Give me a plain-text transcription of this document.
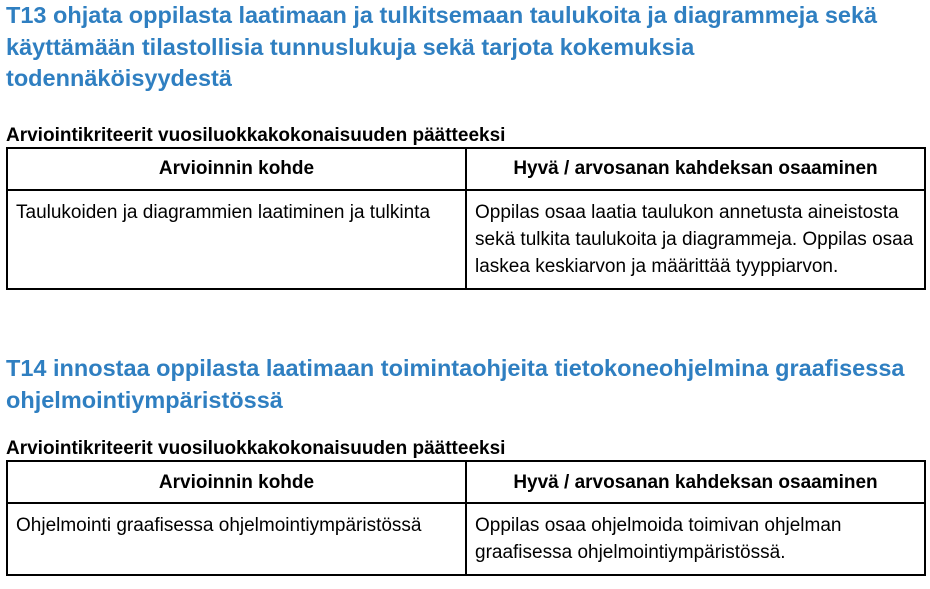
T13 ohjata oppilasta laatimaan ja tulkitsemaan taulukoita ja diagrammeja sekä käyttämään tilastollisia tunnuslukuja sekä tarjota kokemuksia todennäköisyydestä

Arviointikriteerit vuosiluokkakokonaisuuden päätteeksi

Arvioinnin kohde	Hyvä / arvosanan kahdeksan osaaminen
Taulukoiden ja diagrammien laatiminen ja tulkinta	Oppilas osaa laatia taulukon annetusta aineistosta sekä tulkita taulukoita ja diagrammeja. Oppilas osaa laskea keskiarvon ja määrittää tyyppiarvon.
T14 innostaa oppilasta laatimaan toimintaohjeita tietokoneohjelmina graafisessa ohjelmointiympäristössä

Arviointikriteerit vuosiluokkakokonaisuuden päätteeksi

Arvioinnin kohde	Hyvä / arvosanan kahdeksan osaaminen
Ohjelmointi graafisessa ohjelmointiympäristössä	Oppilas osaa ohjelmoida toimivan ohjelman graafisessa ohjelmointiympäristössä.
